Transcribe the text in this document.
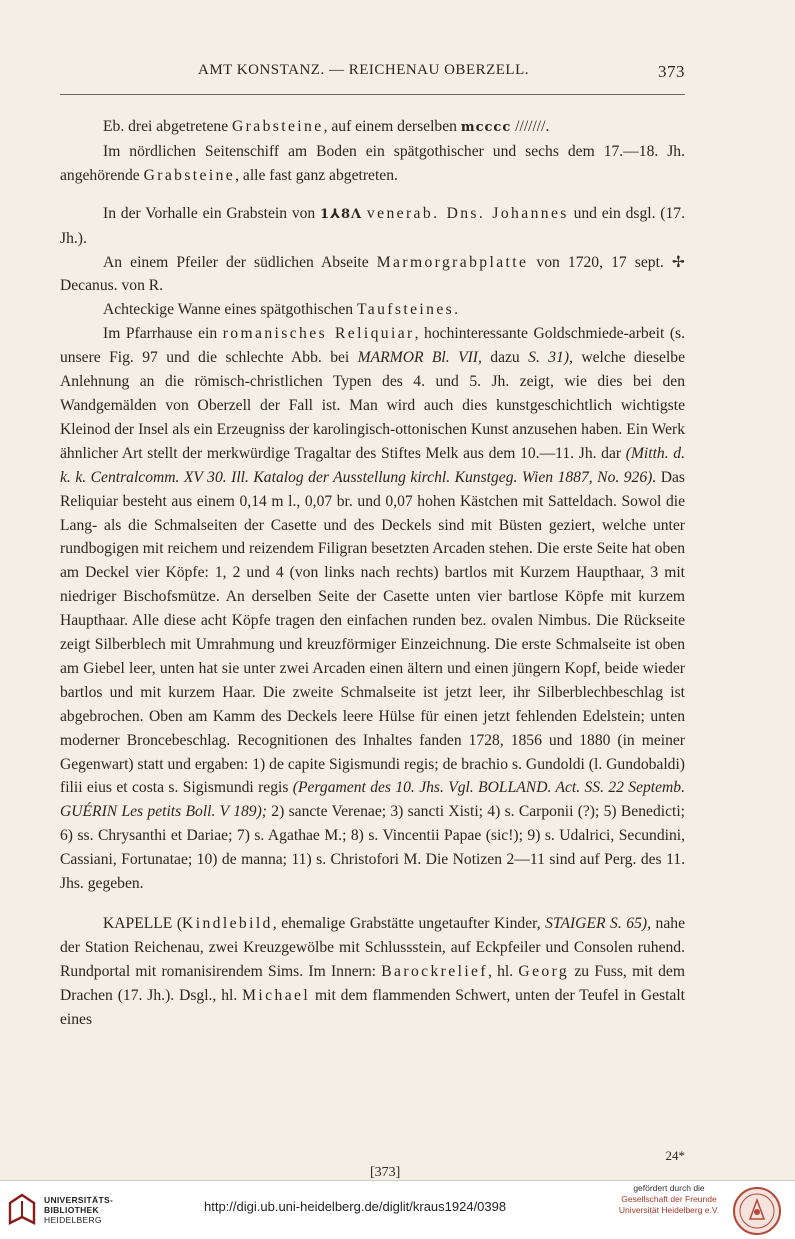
AMT KONSTANZ. — REICHENAU OBERZELL.	373

Eb. drei abgetretene Grabsteine, auf einem derselben mcccc ///////.

Im nördlichen Seitenschiff am Boden ein spätgothischer und sechs dem 17.—18. Jh. angehörende Grabsteine, alle fast ganz abgetreten.

In der Vorhalle ein Grabstein von 1⅄8Λ venerab. Dns. Johannes und ein dsgl. (17. Jh.).

An einem Pfeiler der südlichen Abseite Marmorgrabplatte von 1720, 17 sept. ✢ Decanus. von R.

Achteckige Wanne eines spätgothischen Taufsteines.

Im Pfarrhause ein romanisches Reliquiar, hochinteressante Goldschmiede-arbeit (s. unsere Fig. 97 und die schlechte Abb. bei MARMOR Bl. VII, dazu S. 31), welche dieselbe Anlehnung an die römisch-christlichen Typen des 4. und 5. Jh. zeigt, wie dies bei den Wandgemälden von Oberzell der Fall ist. Man wird auch dies kunstgeschichtlich wichtigste Kleinod der Insel als ein Erzeugniss der karolingisch-ottonischen Kunst anzusehen haben. Ein Werk ähnlicher Art stellt der merkwürdige Tragaltar des Stiftes Melk aus dem 10.—11. Jh. dar (Mitth. d. k. k. Centralcomm. XV 30. Ill. Katalog der Ausstellung kirchl. Kunstgeg. Wien 1887, No. 926). Das Reliquiar besteht aus einem 0,14 m l., 0,07 br. und 0,07 hohen Kästchen mit Satteldach. Sowol die Lang- als die Schmalseiten der Casette und des Deckels sind mit Büsten geziert, welche unter rundbogigen mit reichem und reizendem Filigran besetzten Arcaden stehen. Die erste Seite hat oben am Deckel vier Köpfe: 1, 2 und 4 (von links nach rechts) bartlos mit Kurzem Haupthaar, 3 mit niedriger Bischofsmütze. An derselben Seite der Casette unten vier bartlose Köpfe mit kurzem Haupthaar. Alle diese acht Köpfe tragen den einfachen runden bez. ovalen Nimbus. Die Rückseite zeigt Silberblech mit Umrahmung und kreuzförmiger Einzeichnung. Die erste Schmalseite ist oben am Giebel leer, unten hat sie unter zwei Arcaden einen ältern und einen jüngern Kopf, beide wieder bartlos und mit kurzem Haar. Die zweite Schmalseite ist jetzt leer, ihr Silberblechbeschlag ist abgebrochen. Oben am Kamm des Deckels leere Hülse für einen jetzt fehlenden Edelstein; unten moderner Broncebeschlag. Recognitionen des Inhaltes fanden 1728, 1856 und 1880 (in meiner Gegenwart) statt und ergaben: 1) de capite Sigismundi regis; de brachio s. Gundoldi (l. Gundobaldi) filii eius et costa s. Sigismundi regis (Pergament des 10. Jhs. Vgl. BOLLAND. Act. SS. 22 Septemb. GUÉRIN Les petits Boll. V 189); 2) sancte Verenae; 3) sancti Xisti; 4) s. Carponii (?); 5) Benedicti; 6) ss. Chrysanthi et Dariae; 7) s. Agathae M.; 8) s. Vincentii Papae (sic!); 9) s. Udalrici, Secundini, Cassiani, Fortunatae; 10) de manna; 11) s. Christofori M. Die Notizen 2—11 sind auf Perg. des 11. Jhs. gegeben.

KAPELLE (Kindlebild, ehemalige Grabstätte ungetaufter Kinder, STAIGER S. 65), nahe der Station Reichenau, zwei Kreuzgewölbe mit Schlussstein, auf Eckpfeiler und Consolen ruhend. Rundportal mit romanisirendem Sims. Im Innern: Barockrelief, hl. Georg zu Fuss, mit dem Drachen (17. Jh.). Dsgl., hl. Michael mit dem flammenden Schwert, unten der Teufel in Gestalt eines

24*
[373]
UNIVERSITÄTS-
BIBLIOTHEK
HEIDELBERG
http://digi.ub.uni-heidelberg.de/diglit/kraus1924/0398
gefördert durch die
Gesellschaft der Freunde
Universität Heidelberg e.V.
